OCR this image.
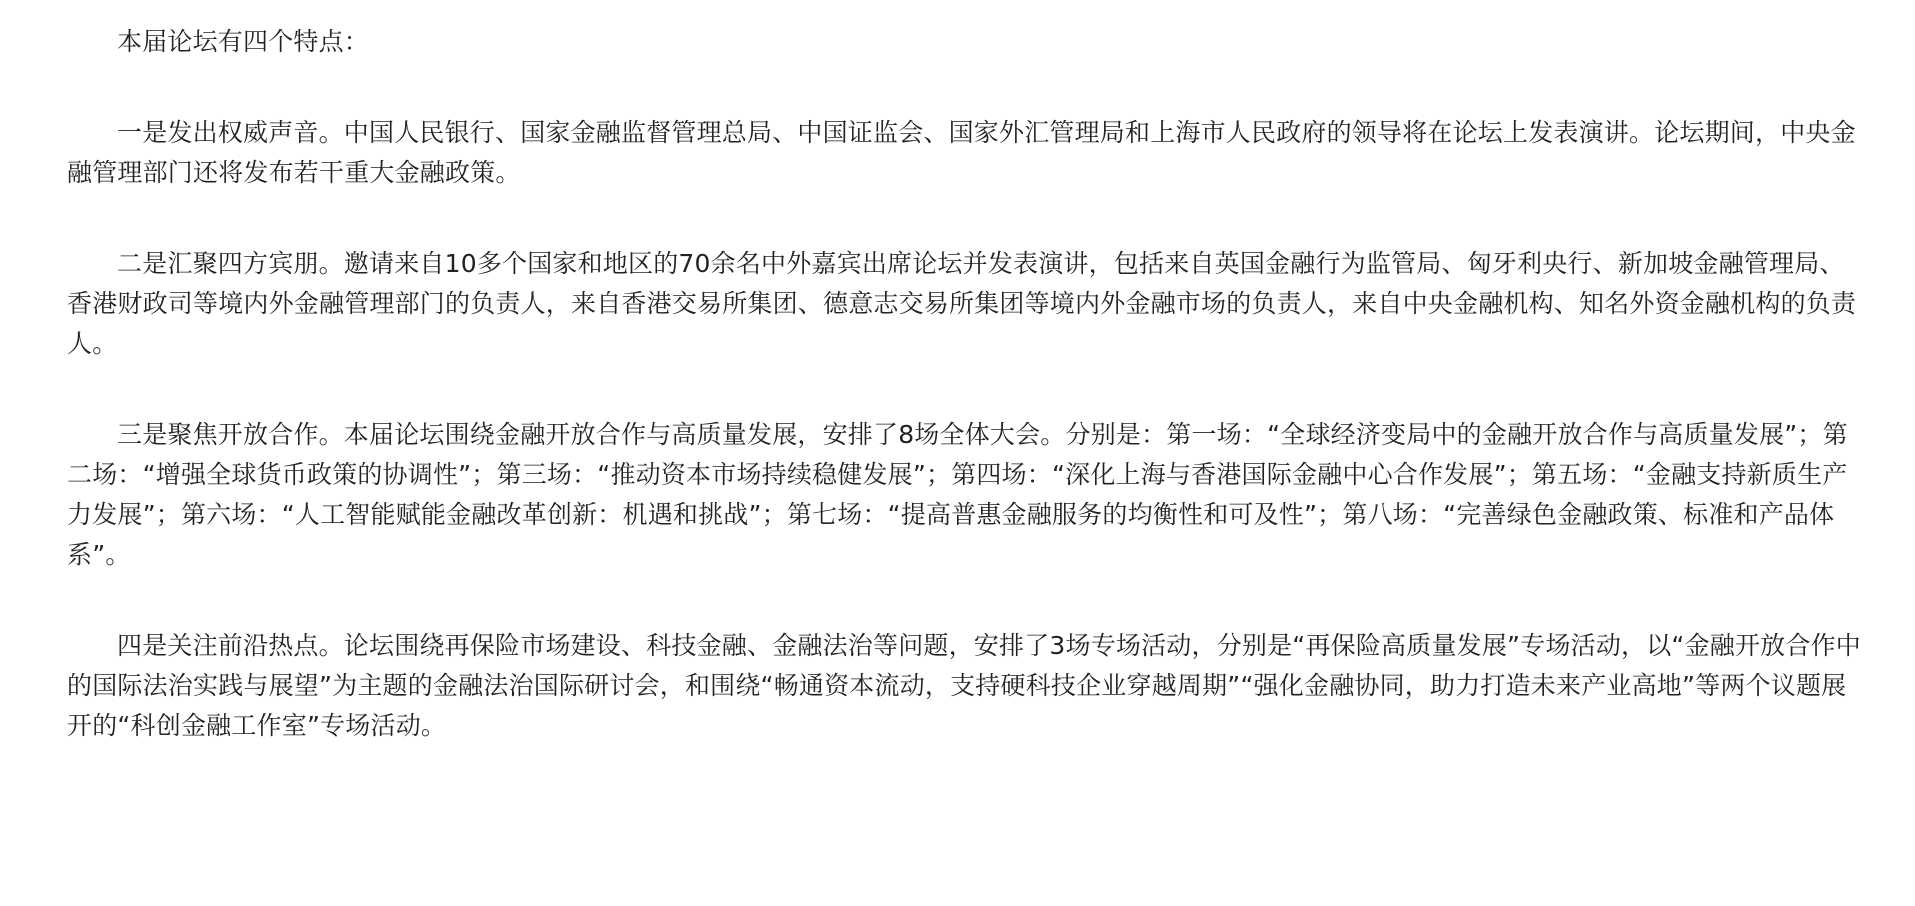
本届论坛有四个特点：

一是发出权威声音。中国人民银行、国家金融监督管理总局、中国证监会、国家外汇管理局和上海市人民政府的领导将在论坛上发表演讲。论坛期间，中央金融管理部门还将发布若干重大金融政策。

二是汇聚四方宾朋。邀请来自10多个国家和地区的70余名中外嘉宾出席论坛并发表演讲，包括来自英国金融行为监管局、匈牙利央行、新加坡金融管理局、香港财政司等境内外金融管理部门的负责人，来自香港交易所集团、德意志交易所集团等境内外金融市场的负责人，来自中央金融机构、知名外资金融机构的负责人。

三是聚焦开放合作。本届论坛围绕金融开放合作与高质量发展，安排了8场全体大会。分别是：第一场：“全球经济变局中的金融开放合作与高质量发展”；第二场：“增强全球货币政策的协调性”；第三场：“推动资本市场持续稳健发展”；第四场：“深化上海与香港国际金融中心合作发展”；第五场：“金融支持新质生产力发展”；第六场：“人工智能赋能金融改革创新：机遇和挑战”；第七场：“提高普惠金融服务的均衡性和可及性”；第八场：“完善绿色金融政策、标准和产品体系”。

四是关注前沿热点。论坛围绕再保险市场建设、科技金融、金融法治等问题，安排了3场专场活动，分别是“再保险高质量发展”专场活动，以“金融开放合作中的国际法治实践与展望”为主题的金融法治国际研讨会，和围绕“畅通资本流动，支持硬科技企业穿越周期”“强化金融协同，助力打造未来产业高地”等两个议题展开的“科创金融工作室”专场活动。
